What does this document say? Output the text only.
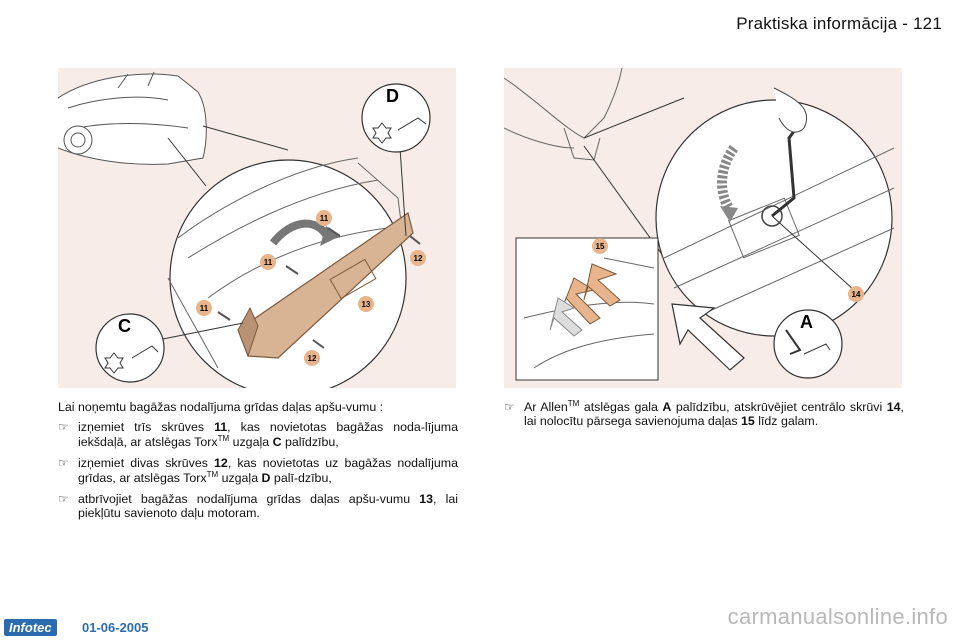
Praktiska informācija - 121
11
11
11
12
12
13
D
C
14
15
A

Lai noņemtu bagāžas nodalījuma grīdas daļas apšu-vumu :

☞ izņemiet trīs skrūves 11, kas novietotas bagāžas noda-lījuma iekšdaļā, ar atslēgas Torx™ uzgaļa C palīdzību,
☞ izņemiet divas skrūves 12, kas novietotas uz bagāžas nodalījuma grīdas, ar atslēgas Torx™ uzgaļa D palī-dzību,
☞ atbrīvojiet bagāžas nodalījuma grīdas daļas apšu-vumu 13, lai piekļūtu savienoto daļu motoram.
☞ Ar Allen™ atslēgas gala A palīdzību, atskrūvējiet centrālo skrūvi 14, lai nolocītu pārsega savienojuma daļas 15 līdz galam.
Infotec	01-06-2005	carmanualsonline.info
